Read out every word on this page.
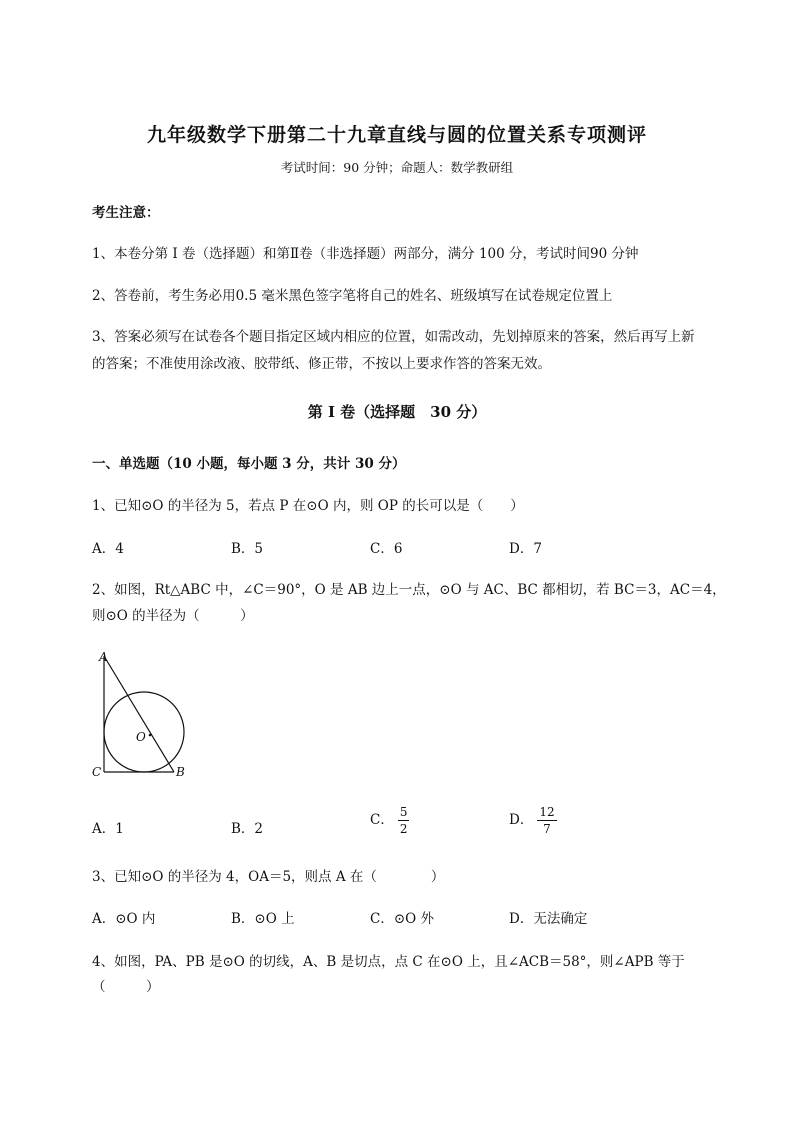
九年级数学下册第二十九章直线与圆的位置关系专项测评
考试时间：90 分钟；命题人：数学教研组
考生注意：
1、本卷分第 I 卷（选择题）和第Ⅱ卷（非选择题）两部分，满分 100 分，考试时间90 分钟
2、答卷前，考生务必用0.5 毫米黑色签字笔将自己的姓名、班级填写在试卷规定位置上
3、答案必须写在试卷各个题目指定区域内相应的位置，如需改动，先划掉原来的答案，然后再写上新
的答案；不准使用涂改液、胶带纸、修正带，不按以上要求作答的答案无效。
第 I 卷（选择题　30 分）
一、单选题（10 小题，每小题 3 分，共计 30 分）
1、已知⊙O 的半径为 5，若点 P 在⊙O 内，则 OP 的长可以是（　　）
A．4	B．5	C．6	D．7
2、如图，Rt△ABC 中，∠C＝90°，O 是 AB 边上一点，⊙O 与 AC、BC 都相切，若 BC＝3，AC＝4，
则⊙O 的半径为（　　　）
A
B
C
O
A．1	B．2
C． $\frac{5}{2}$	D． $\frac{12}{7}$
3、已知⊙O 的半径为 4，OA＝5，则点 A 在（　　　　）
A．⊙O 内	B．⊙O 上	C．⊙O 外	D．无法确定
4、如图，PA、PB 是⊙O 的切线，A、B 是切点，点 C 在⊙O 上，且∠ACB＝58°，则∠APB 等于
（　　　）
